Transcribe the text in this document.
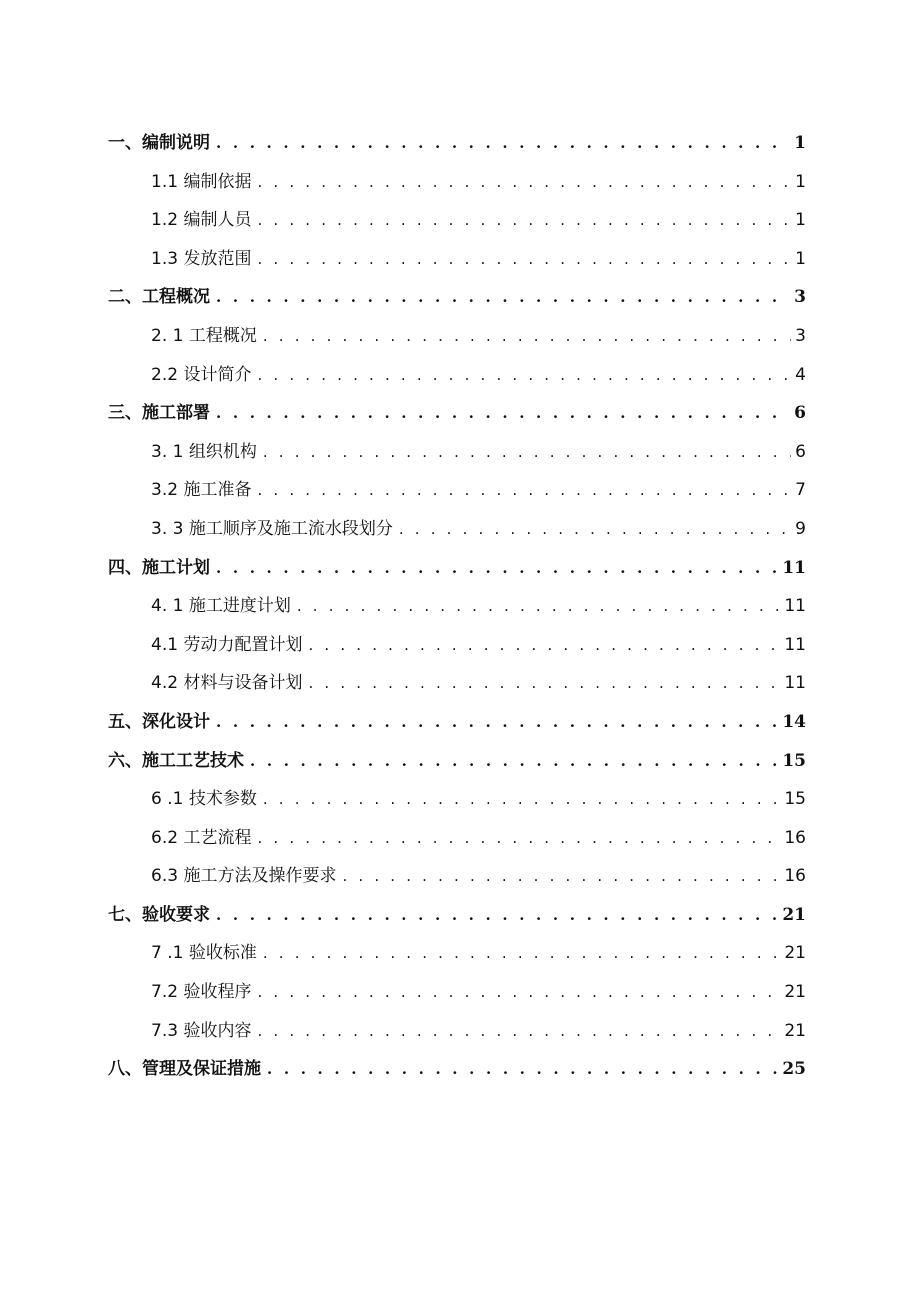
一、编制说明 . . .	1
1.1 编制依据 . . .	1
1.2 编制人员 . . .	1
1.3 发放范围 . . .	1
二、工程概况 . . .	3
2. 1 工程概况 . . .	3
2.2 设计简介 . . .	4
三、施工部署 . . .	6
3. 1 组织机构 . . .	6
3.2 施工准备 . . .	7
3. 3 施工顺序及施工流水段划分 . . .	9
四、施工计划 . . .	11
4. 1 施工进度计划 . . .	11
4.1 劳动力配置计划 . . .	11
4.2 材料与设备计划 . . .	11
五、深化设计 . . .	14
六、施工工艺技术 . . .	15
6 .1 技术参数 . . .	15
6.2 工艺流程 . . .	16
6.3 施工方法及操作要求 . . .	16
七、验收要求 . . .	21
7 .1 验收标准 . . .	21
7.2 验收程序 . . .	21
7.3 验收内容 . . .	21
八、管理及保证措施 . . .	25
